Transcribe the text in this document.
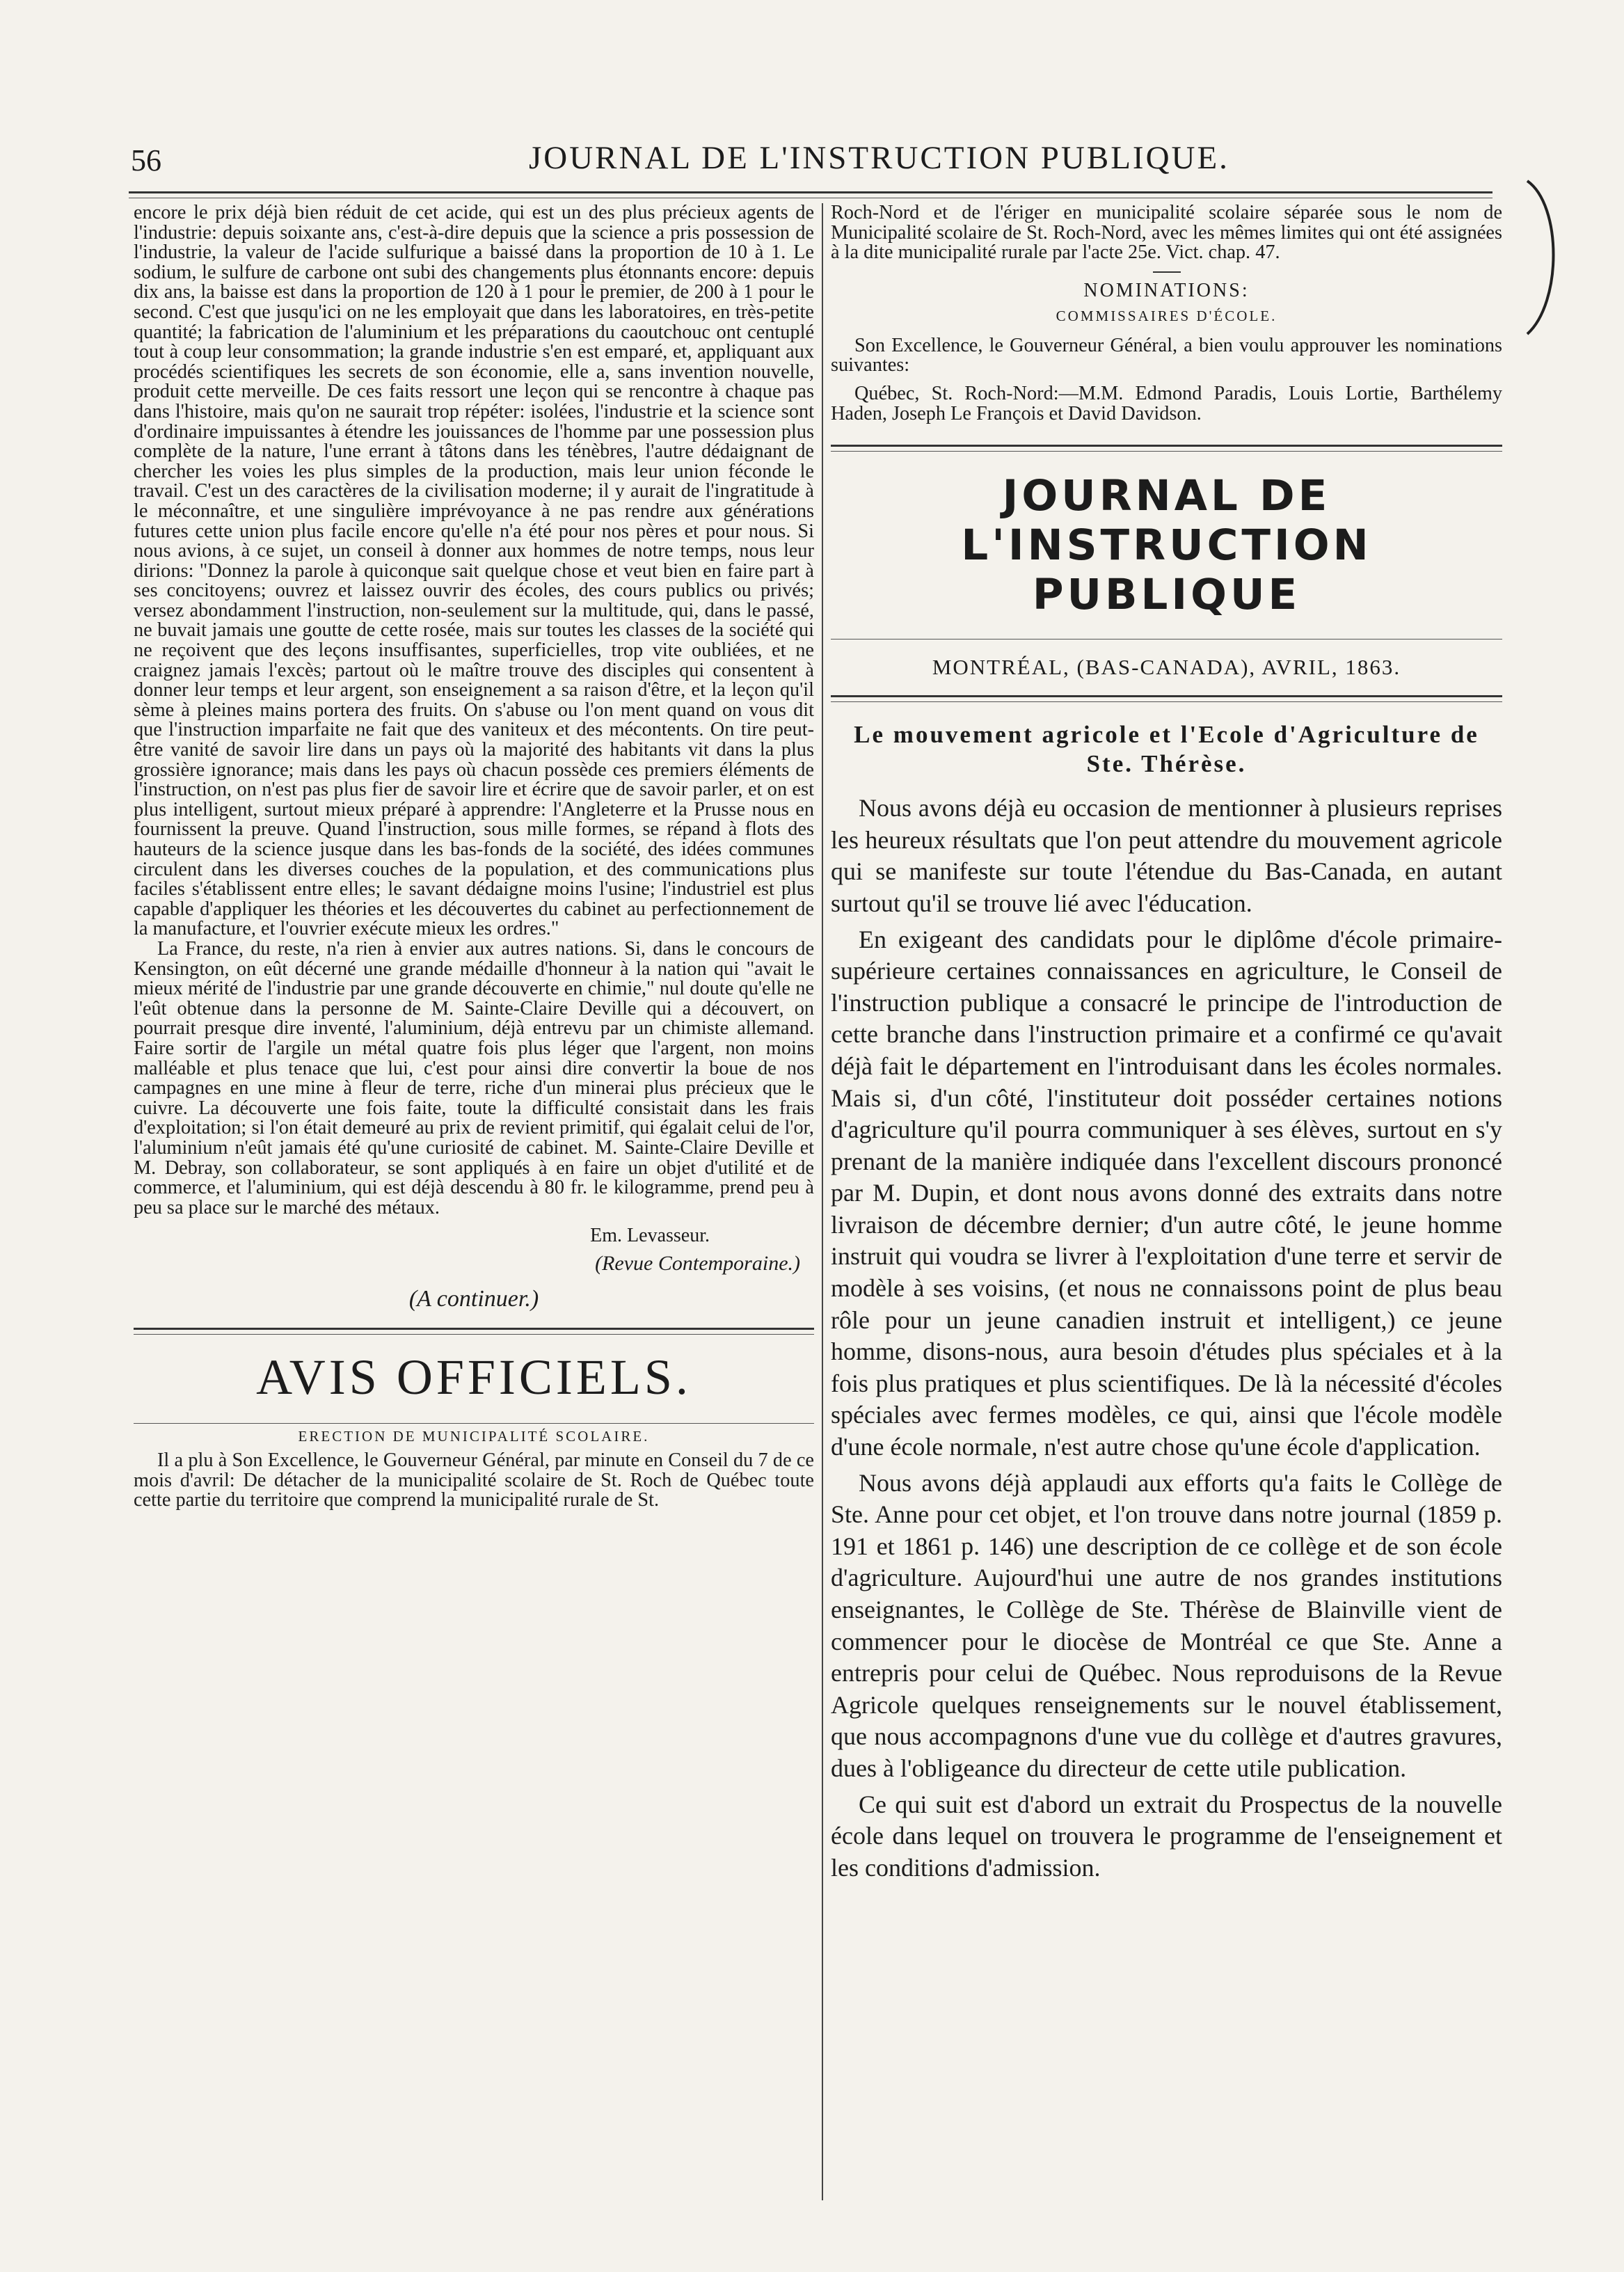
56	JOURNAL DE L'INSTRUCTION PUBLIQUE.

encore le prix déjà bien réduit de cet acide, qui est un des plus précieux agents de l'industrie: depuis soixante ans, c'est-à-dire depuis que la science a pris possession de l'industrie, la valeur de l'acide sulfurique a baissé dans la proportion de 10 à 1. Le sodium, le sulfure de carbone ont subi des changements plus étonnants encore: depuis dix ans, la baisse est dans la proportion de 120 à 1 pour le premier, de 200 à 1 pour le second. C'est que jusqu'ici on ne les employait que dans les laboratoires, en très-petite quantité; la fabrication de l'aluminium et les préparations du caoutchouc ont centuplé tout à coup leur consommation; la grande industrie s'en est emparé, et, appliquant aux procédés scientifiques les secrets de son économie, elle a, sans invention nouvelle, produit cette merveille. De ces faits ressort une leçon qui se rencontre à chaque pas dans l'histoire, mais qu'on ne saurait trop répéter: isolées, l'industrie et la science sont d'ordinaire impuissantes à étendre les jouissances de l'homme par une possession plus complète de la nature, l'une errant à tâtons dans les ténèbres, l'autre dédaignant de chercher les voies les plus simples de la production, mais leur union féconde le travail. C'est un des caractères de la civilisation moderne; il y aurait de l'ingratitude à le méconnaître, et une singulière imprévoyance à ne pas rendre aux générations futures cette union plus facile encore qu'elle n'a été pour nos pères et pour nous. Si nous avions, à ce sujet, un conseil à donner aux hommes de notre temps, nous leur dirions: "Donnez la parole à quiconque sait quelque chose et veut bien en faire part à ses concitoyens; ouvrez et laissez ouvrir des écoles, des cours publics ou privés; versez abondamment l'instruction, non-seulement sur la multitude, qui, dans le passé, ne buvait jamais une goutte de cette rosée, mais sur toutes les classes de la société qui ne reçoivent que des leçons insuffisantes, superficielles, trop vite oubliées, et ne craignez jamais l'excès; partout où le maître trouve des disciples qui consentent à donner leur temps et leur argent, son enseignement a sa raison d'être, et la leçon qu'il sème à pleines mains portera des fruits. On s'abuse ou l'on ment quand on vous dit que l'instruction imparfaite ne fait que des vaniteux et des mécontents. On tire peut-être vanité de savoir lire dans un pays où la majorité des habitants vit dans la plus grossière ignorance; mais dans les pays où chacun possède ces premiers éléments de l'instruction, on n'est pas plus fier de savoir lire et écrire que de savoir parler, et on est plus intelligent, surtout mieux préparé à apprendre: l'Angleterre et la Prusse nous en fournissent la preuve. Quand l'instruction, sous mille formes, se répand à flots des hauteurs de la science jusque dans les bas-fonds de la société, des idées communes circulent dans les diverses couches de la population, et des communications plus faciles s'établissent entre elles; le savant dédaigne moins l'usine; l'industriel est plus capable d'appliquer les théories et les découvertes du cabinet au perfectionnement de la manufacture, et l'ouvrier exécute mieux les ordres."

La France, du reste, n'a rien à envier aux autres nations. Si, dans le concours de Kensington, on eût décerné une grande médaille d'honneur à la nation qui "avait le mieux mérité de l'industrie par une grande découverte en chimie," nul doute qu'elle ne l'eût obtenue dans la personne de M. Sainte-Claire Deville qui a découvert, on pourrait presque dire inventé, l'aluminium, déjà entrevu par un chimiste allemand. Faire sortir de l'argile un métal quatre fois plus léger que l'argent, non moins malléable et plus tenace que lui, c'est pour ainsi dire convertir la boue de nos campagnes en une mine à fleur de terre, riche d'un minerai plus précieux que le cuivre. La découverte une fois faite, toute la difficulté consistait dans les frais d'exploitation; si l'on était demeuré au prix de revient primitif, qui égalait celui de l'or, l'aluminium n'eût jamais été qu'une curiosité de cabinet. M. Sainte-Claire Deville et M. Debray, son collaborateur, se sont appliqués à en faire un objet d'utilité et de commerce, et l'aluminium, qui est déjà descendu à 80 fr. le kilogramme, prend peu à peu sa place sur le marché des métaux.

Em. Levasseur.
(Revue Contemporaine.)
(A continuer.)
AVIS OFFICIELS.
ERECTION DE MUNICIPALITÉ SCOLAIRE.

Il a plu à Son Excellence, le Gouverneur Général, par minute en Conseil du 7 de ce mois d'avril: De détacher de la municipalité scolaire de St. Roch de Québec toute cette partie du territoire que comprend la municipalité rurale de St.

Roch-Nord et de l'ériger en municipalité scolaire séparée sous le nom de Municipalité scolaire de St. Roch-Nord, avec les mêmes limites qui ont été assignées à la dite municipalité rurale par l'acte 25e. Vict. chap. 47.

NOMINATIONS:
COMMISSAIRES D'ÉCOLE.

Son Excellence, le Gouverneur Général, a bien voulu approuver les nominations suivantes:

Québec, St. Roch-Nord:—M.M. Edmond Paradis, Louis Lortie, Barthélemy Haden, Joseph Le François et David Davidson.

JOURNAL DE L'INSTRUCTION PUBLIQUE
MONTRÉAL, (BAS-CANADA), AVRIL, 1863.
Le mouvement agricole et l'Ecole d'Agriculture de Ste. Thérèse.

Nous avons déjà eu occasion de mentionner à plusieurs reprises les heureux résultats que l'on peut attendre du mouvement agricole qui se manifeste sur toute l'étendue du Bas-Canada, en autant surtout qu'il se trouve lié avec l'éducation.

En exigeant des candidats pour le diplôme d'école primaire-supérieure certaines connaissances en agriculture, le Conseil de l'instruction publique a consacré le principe de l'introduction de cette branche dans l'instruction primaire et a confirmé ce qu'avait déjà fait le département en l'introduisant dans les écoles normales. Mais si, d'un côté, l'instituteur doit posséder certaines notions d'agriculture qu'il pourra communiquer à ses élèves, surtout en s'y prenant de la manière indiquée dans l'excellent discours prononcé par M. Dupin, et dont nous avons donné des extraits dans notre livraison de décembre dernier; d'un autre côté, le jeune homme instruit qui voudra se livrer à l'exploitation d'une terre et servir de modèle à ses voisins, (et nous ne connaissons point de plus beau rôle pour un jeune canadien instruit et intelligent,) ce jeune homme, disons-nous, aura besoin d'études plus spéciales et à la fois plus pratiques et plus scientifiques. De là la nécessité d'écoles spéciales avec fermes modèles, ce qui, ainsi que l'école modèle d'une école normale, n'est autre chose qu'une école d'application.

Nous avons déjà applaudi aux efforts qu'a faits le Collège de Ste. Anne pour cet objet, et l'on trouve dans notre journal (1859 p. 191 et 1861 p. 146) une description de ce collège et de son école d'agriculture. Aujourd'hui une autre de nos grandes institutions enseignantes, le Collège de Ste. Thérèse de Blainville vient de commencer pour le diocèse de Montréal ce que Ste. Anne a entrepris pour celui de Québec. Nous reproduisons de la Revue Agricole quelques renseignements sur le nouvel établissement, que nous accompagnons d'une vue du collège et d'autres gravures, dues à l'obligeance du directeur de cette utile publication.

Ce qui suit est d'abord un extrait du Prospectus de la nouvelle école dans lequel on trouvera le programme de l'enseignement et les conditions d'admission.
